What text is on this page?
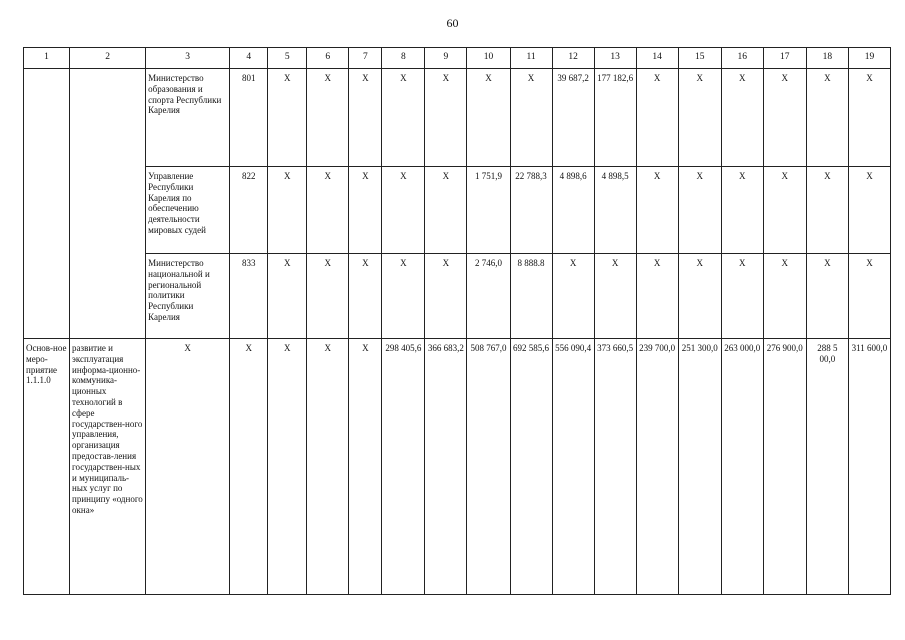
60
1	2	3	4	5	6	7	8	9	10	11	12	13	14	15	16	17	18	19
		Министерство образования и спорта Республики Карелия	801	X	X	X	X	X	X	X	39 687,2	177 182,6	X	X	X	X	X	X
		Управление Республики Карелия по обеспечению деятельности мировых судей	822	X	X	X	X	X	1 751,9	22 788,3	4 898,6	4 898,5	X	X	X	X	X	X
		Министерство национальной и региональной политики Республики Карелия	833	X	X	X	X	X	2 746,0	8 888.8	X	X	X	X	X	X	X	X
Основ-ное меро-приятие 1.1.1.0	развитие и эксплуатация информа-ционно-коммуника-ционных технологий в сфере государствен-ного управления, организация предостав-ления государствен-ных и муниципаль-ных услуг по принципу «одного окна»	X	X	X	X	X	298 405,6	366 683,2	508 767,0	692 585,6	556 090,4	373 660,5	239 700,0	251 300,0	263 000,0	276 900,0	288 5 00,0	311 600,0
